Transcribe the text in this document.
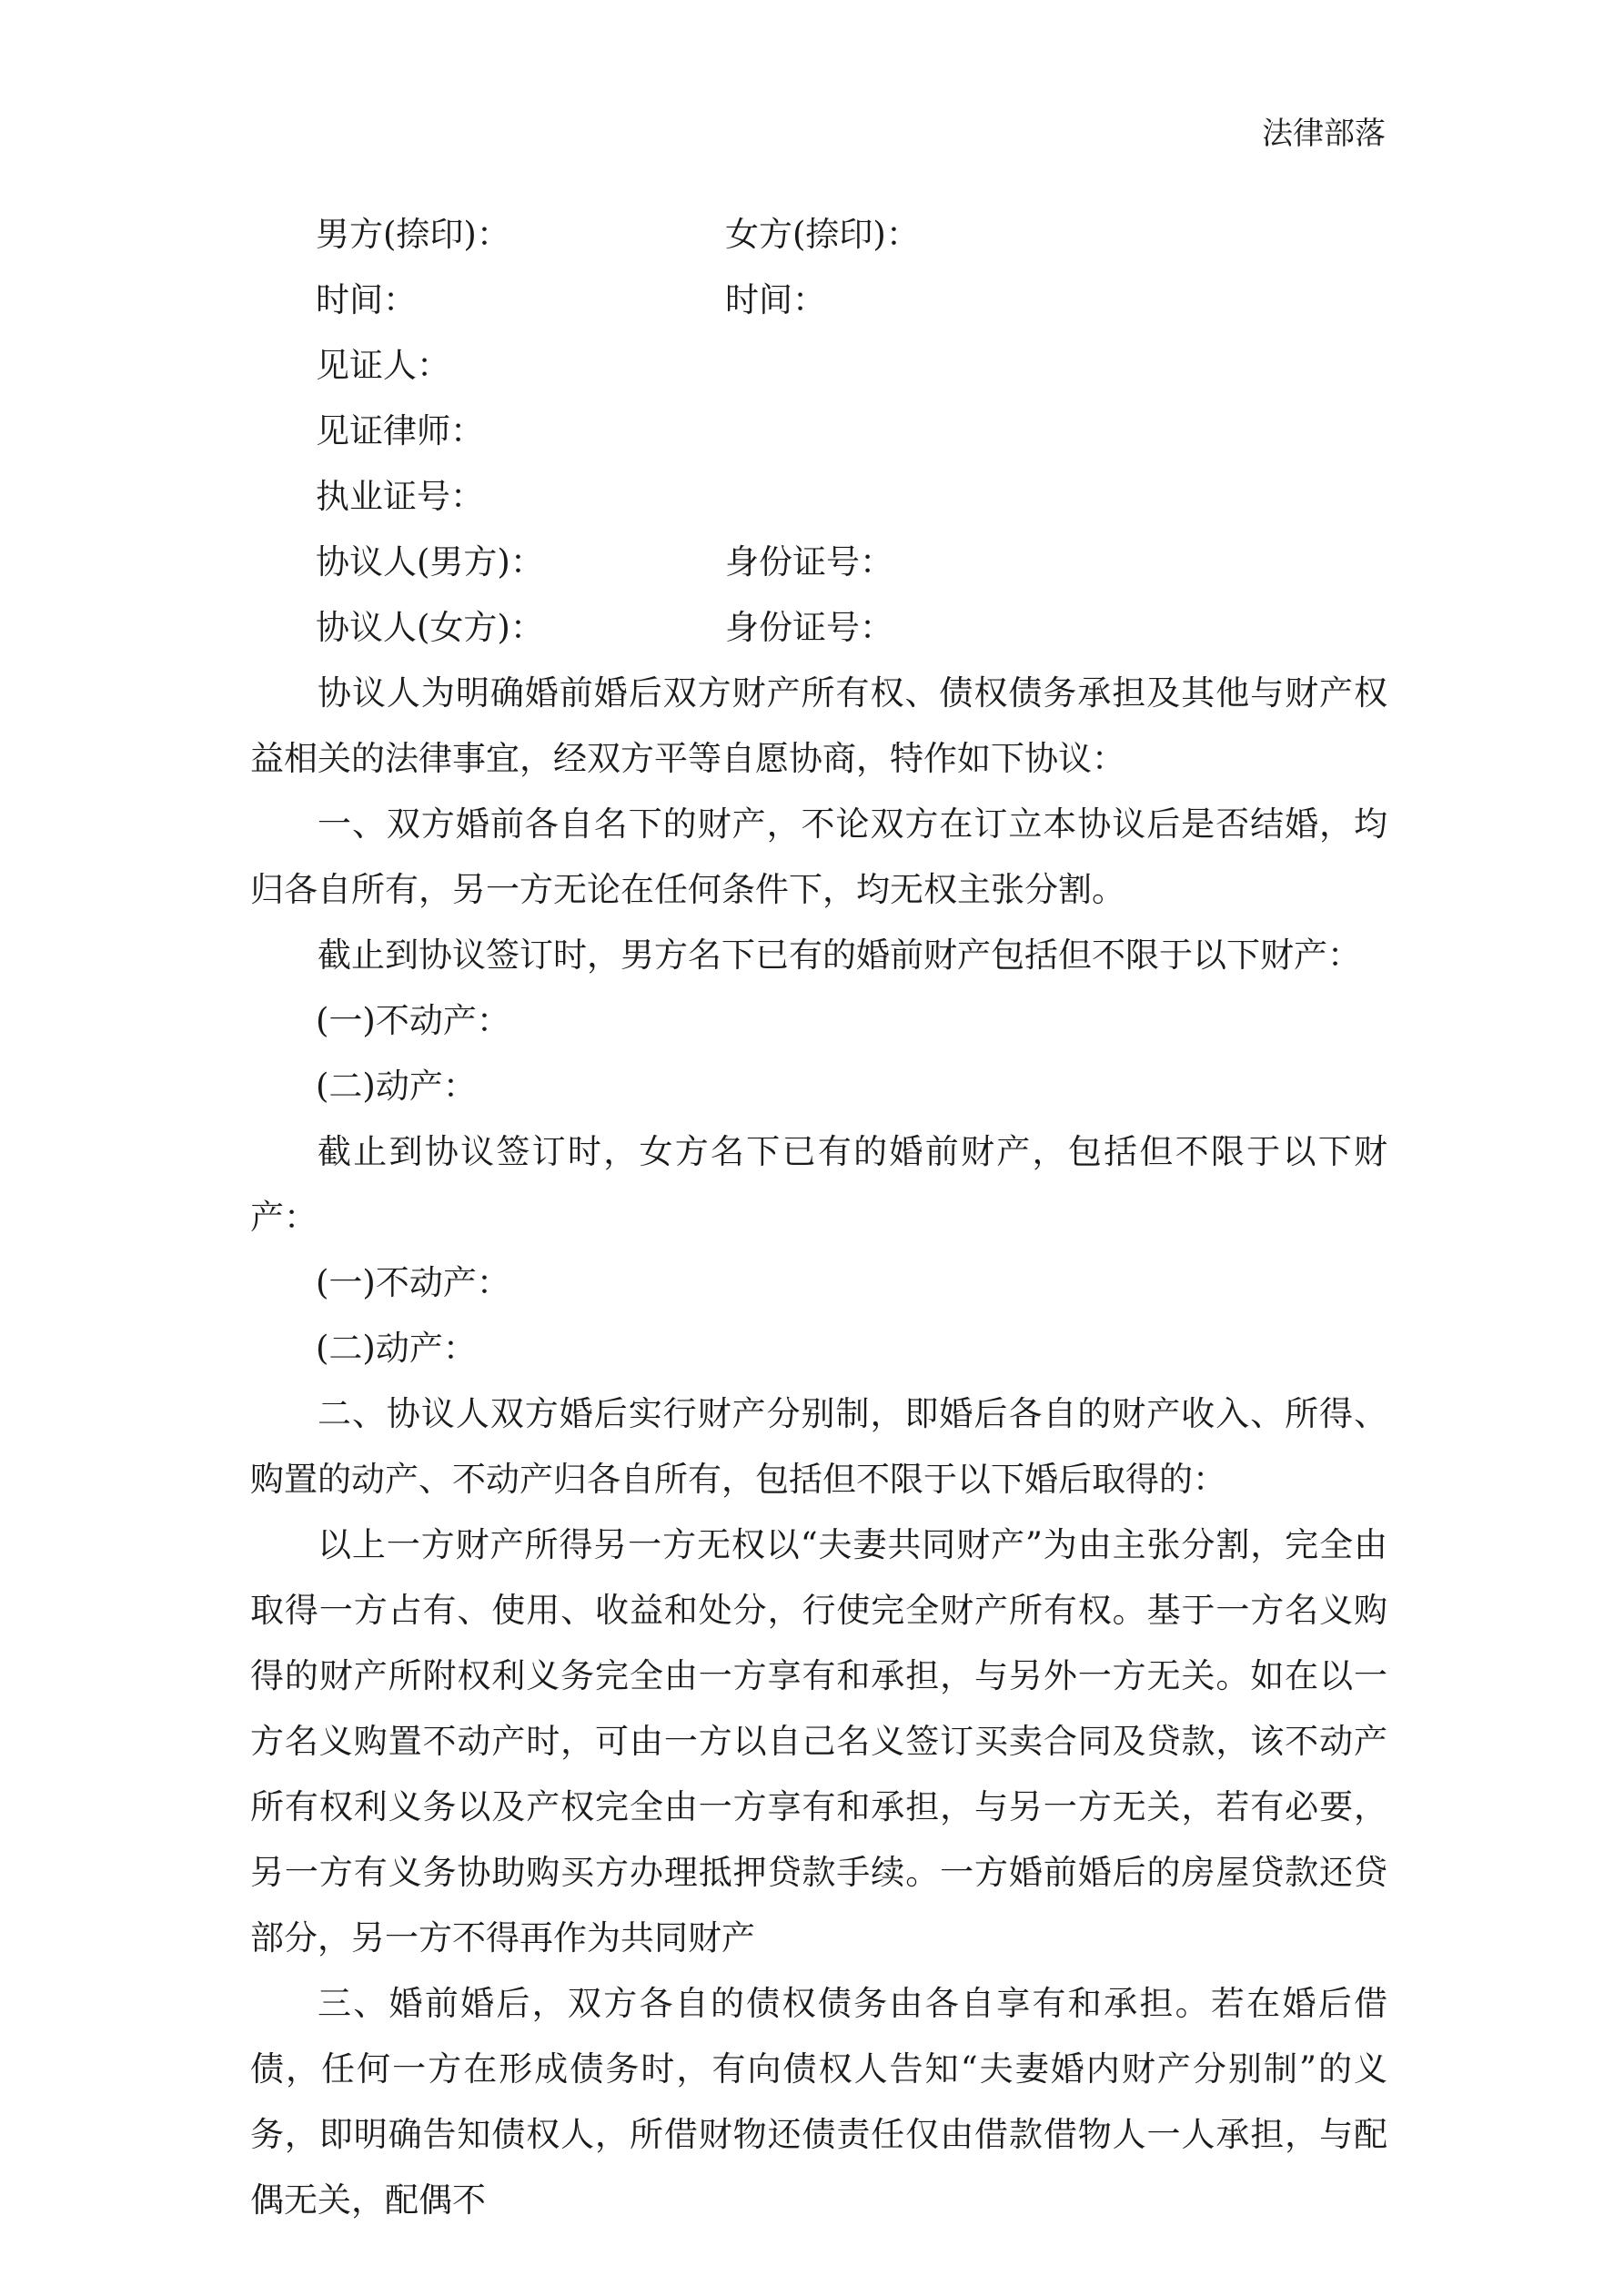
法律部落
男方(捺印)：	女方(捺印)：
时间：	时间：
见证人：
见证律师：
执业证号：
协议人(男方)：	身份证号：
协议人(女方)：	身份证号：

协议人为明确婚前婚后双方财产所有权、债权债务承担及其他与财产权益相关的法律事宜，经双方平等自愿协商，特作如下协议：

一、双方婚前各自名下的财产，不论双方在订立本协议后是否结婚，均归各自所有，另一方无论在任何条件下，均无权主张分割。

截止到协议签订时，男方名下已有的婚前财产包括但不限于以下财产：

(一)不动产：
(二)动产：

截止到协议签订时，女方名下已有的婚前财产，包括但不限于以下财产：

(一)不动产：
(二)动产：

二、协议人双方婚后实行财产分别制，即婚后各自的财产收入、所得、购置的动产、不动产归各自所有，包括但不限于以下婚后取得的：

以上一方财产所得另一方无权以“夫妻共同财产”为由主张分割，完全由取得一方占有、使用、收益和处分，行使完全财产所有权。基于一方名义购得的财产所附权利义务完全由一方享有和承担，与另外一方无关。如在以一方名义购置不动产时，可由一方以自己名义签订买卖合同及贷款，该不动产所有权利义务以及产权完全由一方享有和承担，与另一方无关，若有必要，另一方有义务协助购买方办理抵押贷款手续。一方婚前婚后的房屋贷款还贷部分，另一方不得再作为共同财产

三、婚前婚后，双方各自的债权债务由各自享有和承担。若在婚后借债，任何一方在形成债务时，有向债权人告知“夫妻婚内财产分别制”的义务，即明确告知债权人，所借财物还债责任仅由借款借物人一人承担，与配偶无关，配偶不
